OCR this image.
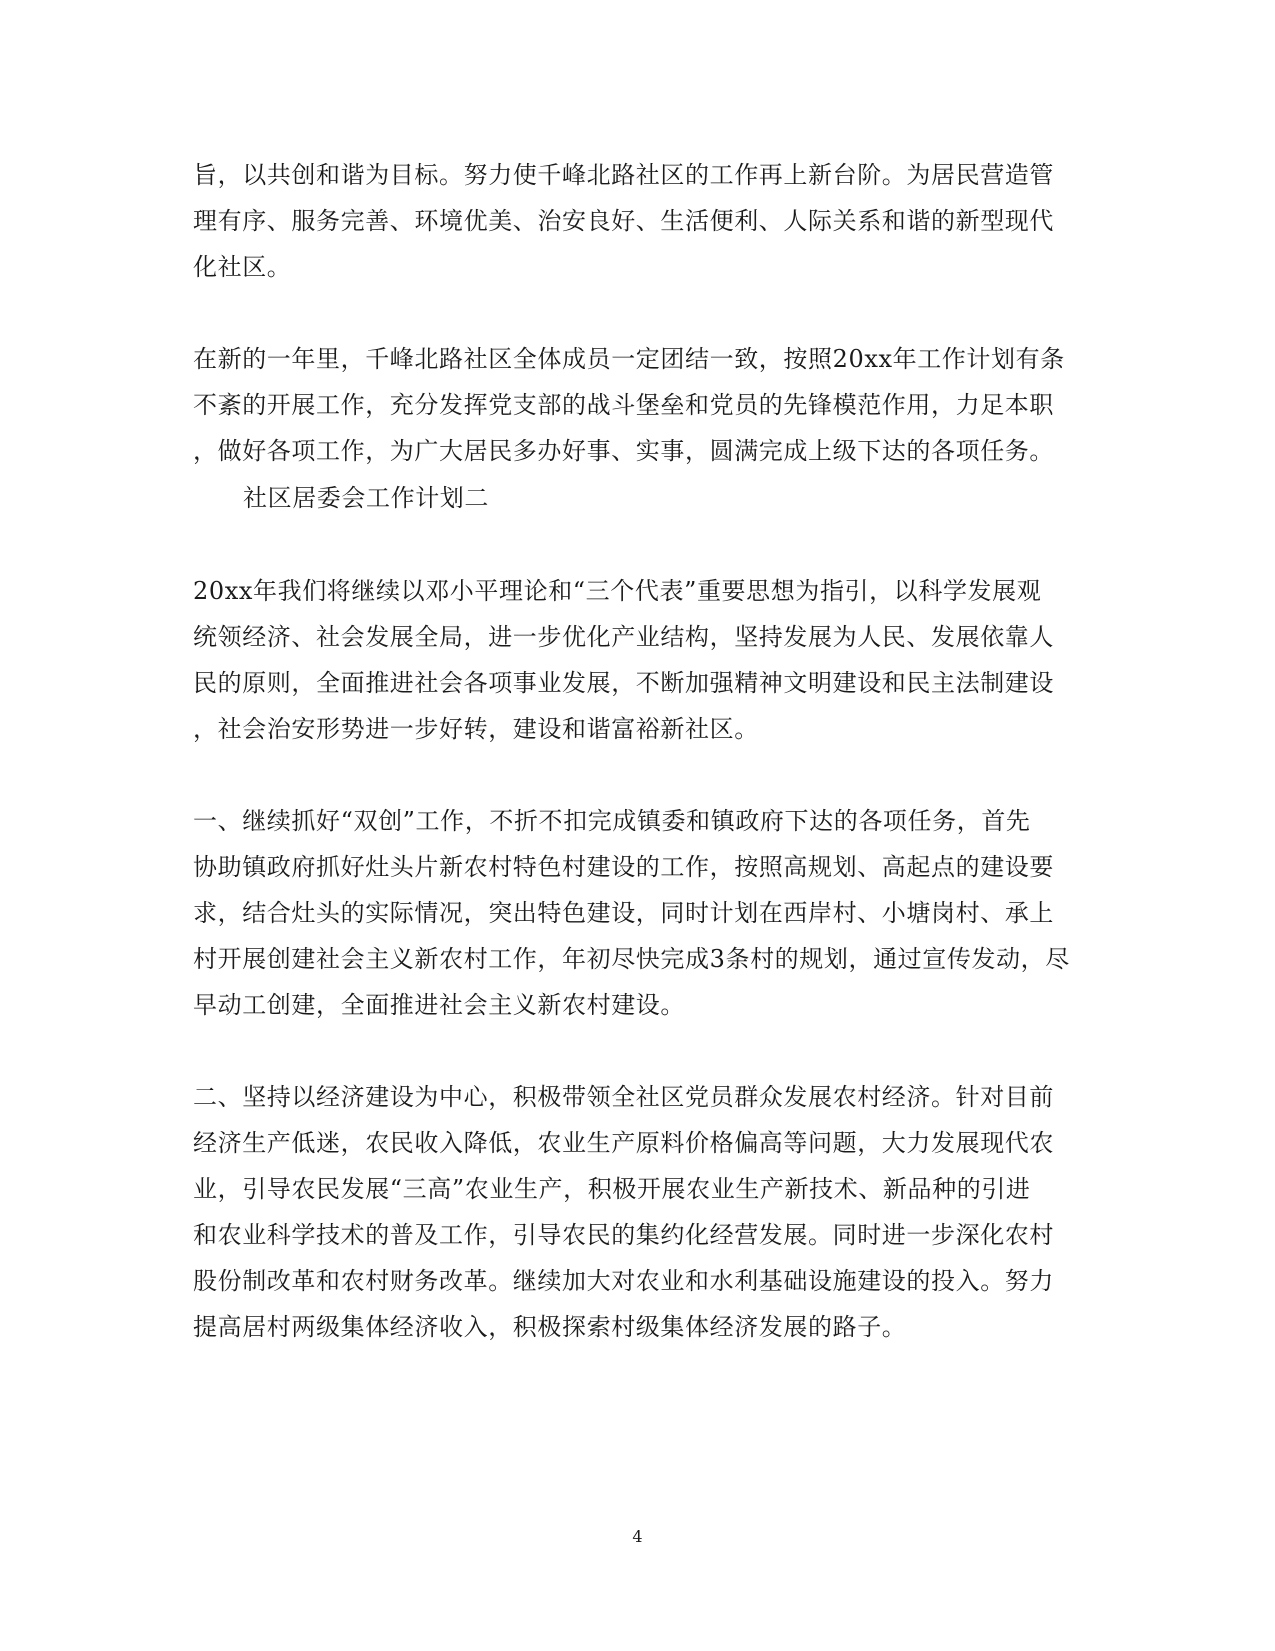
旨，以共创和谐为目标。努力使千峰北路社区的工作再上新台阶。为居民营造管
理有序、服务完善、环境优美、治安良好、生活便利、人际关系和谐的新型现代
化社区。
在新的一年里，千峰北路社区全体成员一定团结一致，按照20xx年工作计划有条
不紊的开展工作，充分发挥党支部的战斗堡垒和党员的先锋模范作用，力足本职
，做好各项工作，为广大居民多办好事、实事，圆满完成上级下达的各项任务。
社区居委会工作计划二
20xx年我们将继续以邓小平理论和“三个代表”重要思想为指引，以科学发展观
统领经济、社会发展全局，进一步优化产业结构，坚持发展为人民、发展依靠人
民的原则，全面推进社会各项事业发展，不断加强精神文明建设和民主法制建设
，社会治安形势进一步好转，建设和谐富裕新社区。
一、继续抓好“双创”工作，不折不扣完成镇委和镇政府下达的各项任务，首先
协助镇政府抓好灶头片新农村特色村建设的工作，按照高规划、高起点的建设要
求，结合灶头的实际情况，突出特色建设，同时计划在西岸村、小塘岗村、承上
村开展创建社会主义新农村工作，年初尽快完成3条村的规划，通过宣传发动，尽
早动工创建，全面推进社会主义新农村建设。
二、坚持以经济建设为中心，积极带领全社区党员群众发展农村经济。针对目前
经济生产低迷，农民收入降低，农业生产原料价格偏高等问题，大力发展现代农
业，引导农民发展“三高”农业生产，积极开展农业生产新技术、新品种的引进
和农业科学技术的普及工作，引导农民的集约化经营发展。同时进一步深化农村
股份制改革和农村财务改革。继续加大对农业和水利基础设施建设的投入。努力
提高居村两级集体经济收入，积极探索村级集体经济发展的路子。
4
